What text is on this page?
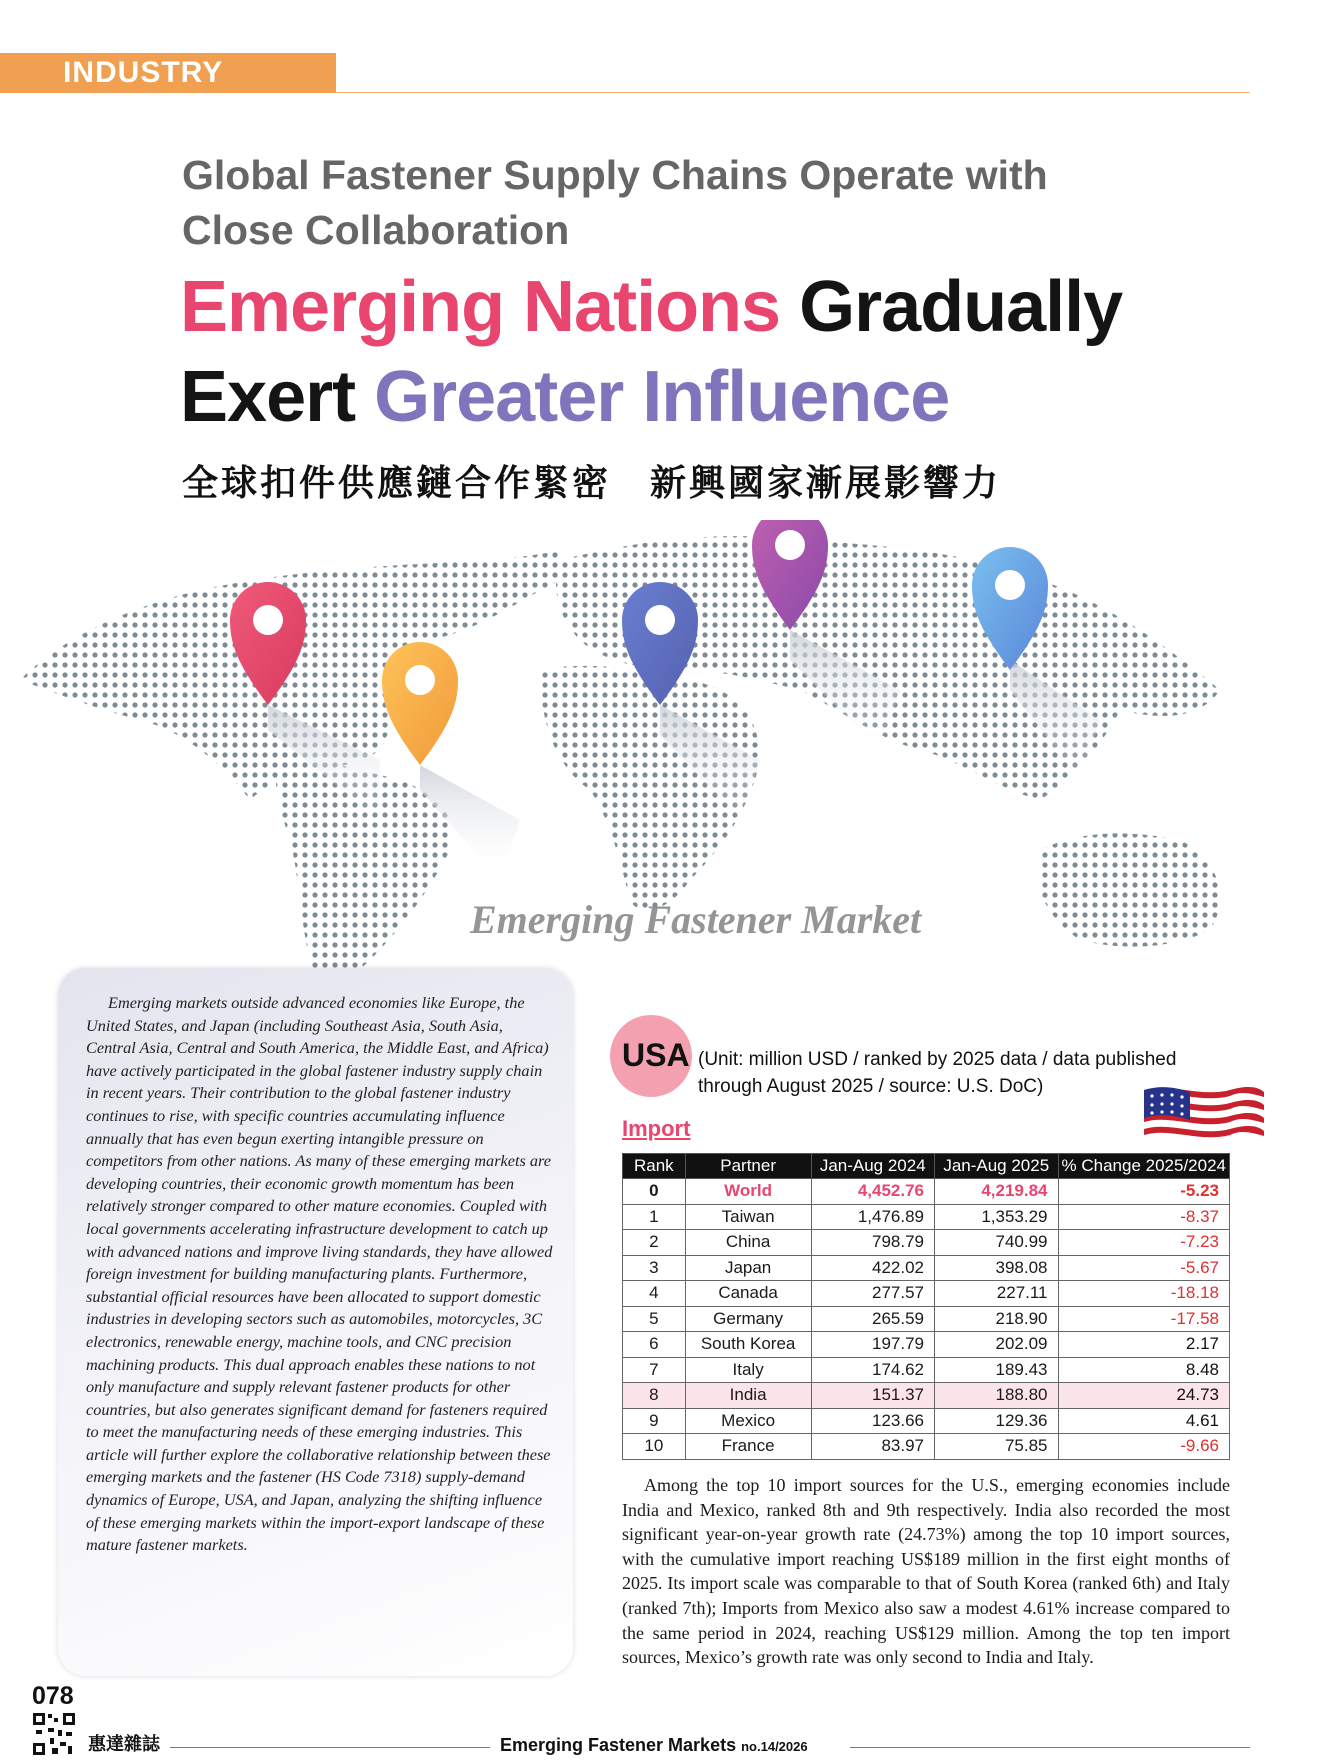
INDUSTRY FOCUS
Global Fastener Supply Chains Operate with
Close Collaboration
Emerging Nations Gradually
Exert Greater Influence
全球扣件供應鏈合作緊密　新興國家漸展影響力
Emerging Fastener Market
Emerging markets outside advanced economies like Europe, the United States, and Japan (including Southeast Asia, South Asia, Central Asia, Central and South America, the Middle East, and Africa) have actively participated in the global fastener industry supply chain in recent years. Their contribution to the global fastener industry continues to rise, with specific countries accumulating influence annually that has even begun exerting intangible pressure on competitors from other nations. As many of these emerging markets are developing countries, their economic growth momentum has been relatively stronger compared to other mature economies. Coupled with local governments accelerating infrastructure development to catch up with advanced nations and improve living standards, they have allowed foreign investment for building manufacturing plants. Furthermore, substantial official resources have been allocated to support domestic industries in developing sectors such as automobiles, motorcycles, 3C electronics, renewable energy, machine tools, and CNC precision machining products. This dual approach enables these nations to not only manufacture and supply relevant fastener products for other countries, but also generates significant demand for fasteners required to meet the manufacturing needs of these emerging industries. This article will further explore the collaborative relationship between these emerging markets and the fastener (HS Code 7318) supply-demand dynamics of Europe, USA, and Japan, analyzing the shifting influence of these emerging markets within the import-export landscape of these mature fastener markets.
USA (Unit: million USD / ranked by 2025 data / data published through August 2025 / source: U.S. DoC)
Import
Rank	Partner	Jan-Aug 2024	Jan-Aug 2025	% Change 2025/2024
0	World	4,452.76	4,219.84	-5.23
1	Taiwan	1,476.89	1,353.29	-8.37
2	China	798.79	740.99	-7.23
3	Japan	422.02	398.08	-5.67
4	Canada	277.57	227.11	-18.18
5	Germany	265.59	218.90	-17.58
6	South Korea	197.79	202.09	2.17
7	Italy	174.62	189.43	8.48
8	India	151.37	188.80	24.73
9	Mexico	123.66	129.36	4.61
10	France	83.97	75.85	-9.66
Among the top 10 import sources for the U.S., emerging economies include India and Mexico, ranked 8th and 9th respectively. India also recorded the most significant year-on-year growth rate (24.73%) among the top 10 import sources, with the cumulative import reaching US$189 million in the first eight months of 2025. Its import scale was comparable to that of South Korea (ranked 6th) and Italy (ranked 7th); Imports from Mexico also saw a modest 4.61% increase compared to the same period in 2024, reaching US$129 million. Among the top ten import sources, Mexico’s growth rate was only second to India and Italy.
078
惠達雜誌	Emerging Fastener Markets no.14/2026
